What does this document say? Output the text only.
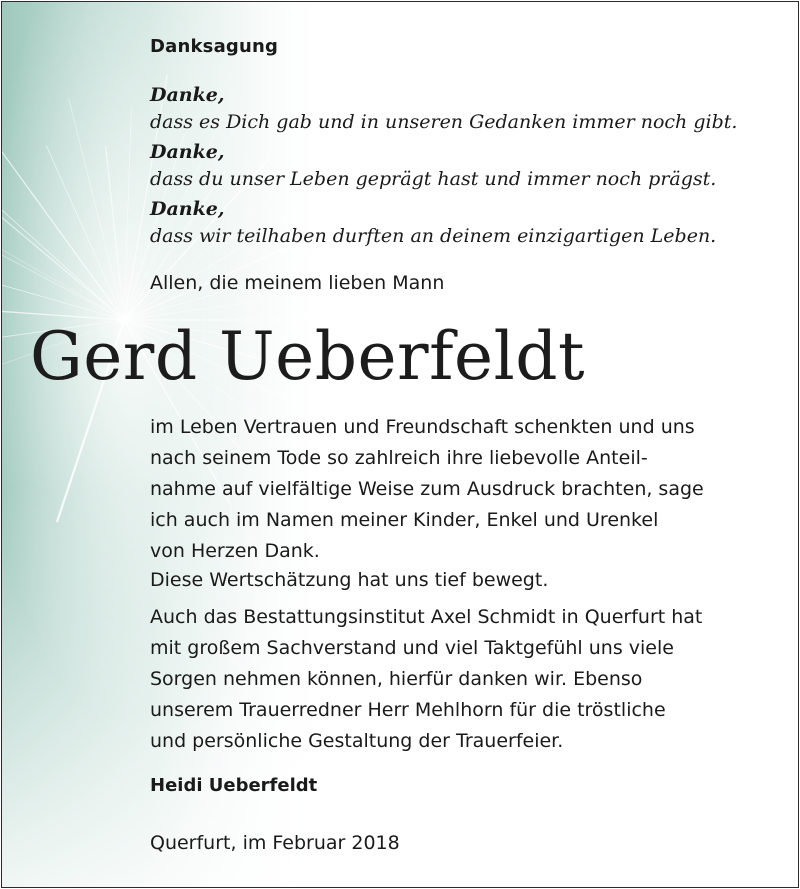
Danksagung

Danke,

dass es Dich gab und in unseren Gedanken immer noch gibt.

Danke,

dass du unser Leben geprägt hast und immer noch prägst.

Danke,

dass wir teilhaben durften an deinem einzigartigen Leben.

Allen, die meinem lieben Mann

Gerd Ueberfeldt

im Leben Vertrauen und Freundschaft schenkten und uns

nach seinem Tode so zahlreich ihre liebevolle Anteil-

nahme auf vielfältige Weise zum Ausdruck brachten, sage

ich auch im Namen meiner Kinder, Enkel und Urenkel

von Herzen Dank.

Diese Wertschätzung hat uns tief bewegt.

Auch das Bestattungsinstitut Axel Schmidt in Querfurt hat

mit großem Sachverstand und viel Taktgefühl uns viele

Sorgen nehmen können, hierfür danken wir. Ebenso

unserem Trauerredner Herr Mehlhorn für die tröstliche

und persönliche Gestaltung der Trauerfeier.

Heidi Ueberfeldt

Querfurt, im Februar 2018
